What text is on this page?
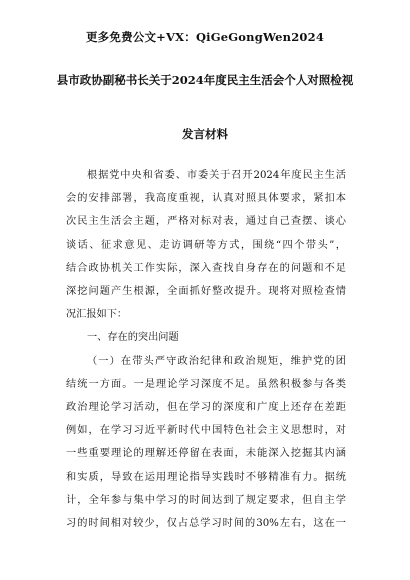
更多免费公文+VX：QiGeGongWen2024
县市政协副秘书长关于2024年度民主生活会个人对照检视
发言材料

根据党中央和省委、市委关于召开2024年度民主生活

会的安排部署，我高度重视，认真对照具体要求，紧扣本

次民主生活会主题，严格对标对表，通过自己查摆、谈心

谈话、征求意见、走访调研等方式，围绕“四个带头”，

结合政协机关工作实际，深入查找自身存在的问题和不足

深挖问题产生根源，全面抓好整改提升。现将对照检查情

况汇报如下：

一、存在的突出问题

（一）在带头严守政治纪律和政治规矩，维护党的团

结统一方面。一是理论学习深度不足。虽然积极参与各类

政治理论学习活动，但在学习的深度和广度上还存在差距

例如，在学习习近平新时代中国特色社会主义思想时，对

一些重要理论的理解还停留在表面，未能深入挖掘其内涵

和实质，导致在运用理论指导实践时不够精准有力。据统

计，全年参与集中学习的时间达到了规定要求，但自主学

习的时间相对较少，仅占总学习时间的30%左右，这在一
